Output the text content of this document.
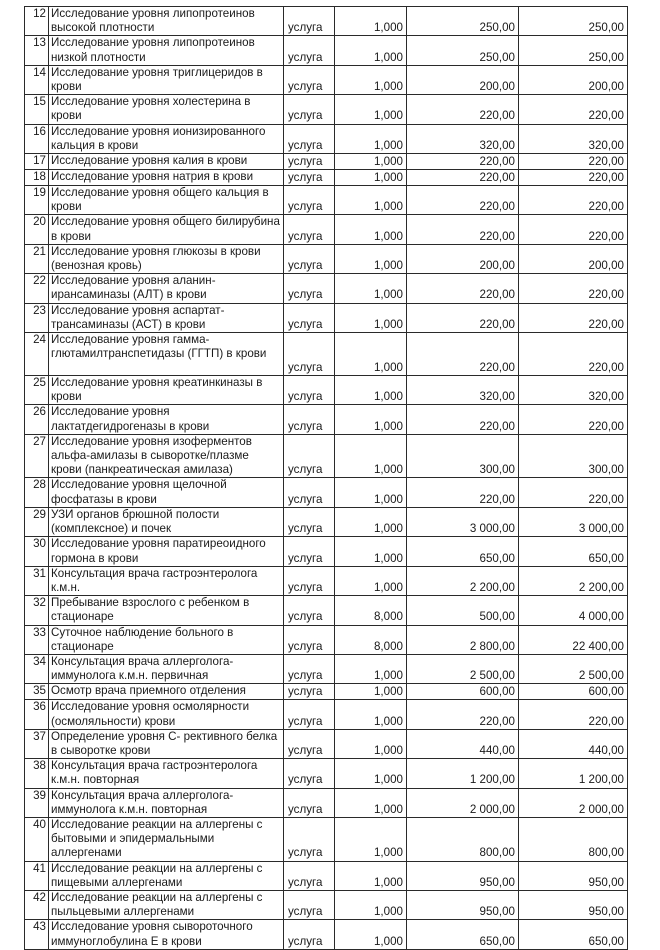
12	Исследование уровня липопротеинов высокой плотности	услуга	1,000	250,00	250,00
13	Исследование уровня липопротеинов низкой плотности	услуга	1,000	250,00	250,00
14	Исследование уровня триглицеридов в крови	услуга	1,000	200,00	200,00
15	Исследование уровня холестерина в крови	услуга	1,000	220,00	220,00
16	Исследование уровня ионизированного кальция в крови	услуга	1,000	320,00	320,00
17	Исследование уровня калия в крови	услуга	1,000	220,00	220,00
18	Исследование уровня натрия в крови	услуга	1,000	220,00	220,00
19	Исследование уровня общего кальция в крови	услуга	1,000	220,00	220,00
20	Исследование уровня общего билирубина в крови	услуга	1,000	220,00	220,00
21	Исследование уровня глюкозы в крови (венозная кровь)	услуга	1,000	200,00	200,00
22	Исследование уровня аланин-ирансаминазы (АЛТ) в крови	услуга	1,000	220,00	220,00
23	Исследование уровня аспартат-трансаминазы (АСТ) в крови	услуга	1,000	220,00	220,00
24	Исследование уровня гамма-глютамилтранспетидазы (ГГТП) в крови	услуга	1,000	220,00	220,00
25	Исследование уровня креатинкиназы в крови	услуга	1,000	320,00	320,00
26	Исследование уровня лактатдегидрогеназы в крови	услуга	1,000	220,00	220,00
27	Исследование уровня изоферментов альфа-амилазы в сыворотке/плазме крови (панкреатическая амилаза)	услуга	1,000	300,00	300,00
28	Исследование уровня щелочной фосфатазы в крови	услуга	1,000	220,00	220,00
29	УЗИ органов брюшной полости (комплексное) и почек	услуга	1,000	3 000,00	3 000,00
30	Исследование уровня паратиреоидного гормона в крови	услуга	1,000	650,00	650,00
31	Консультация врача гастроэнтеролога к.м.н.	услуга	1,000	2 200,00	2 200,00
32	Пребывание взрослого с ребенком в стационаре	услуга	8,000	500,00	4 000,00
33	Суточное наблюдение больного в стационаре	услуга	8,000	2 800,00	22 400,00
34	Консультация врача аллерголога-иммунолога к.м.н. первичная	услуга	1,000	2 500,00	2 500,00
35	Осмотр врача приемного отделения	услуга	1,000	600,00	600,00
36	Исследование уровня осмолярности (осмоляльности) крови	услуга	1,000	220,00	220,00
37	Определение уровня С- рективного белка в сыворотке крови	услуга	1,000	440,00	440,00
38	Консультация врача гастроэнтеролога к.м.н. повторная	услуга	1,000	1 200,00	1 200,00
39	Консультация врача аллерголога-иммунолога к.м.н. повторная	услуга	1,000	2 000,00	2 000,00
40	Исследование реакции на аллергены с бытовыми и эпидермальными аллергенами	услуга	1,000	800,00	800,00
41	Исследование реакции на аллергены с пищевыми аллергенами	услуга	1,000	950,00	950,00
42	Исследование реакции на аллергены с пыльцевыми аллергенами	услуга	1,000	950,00	950,00
43	Исследование уровня сывороточного иммуноглобулина Е в крови	услуга	1,000	650,00	650,00
